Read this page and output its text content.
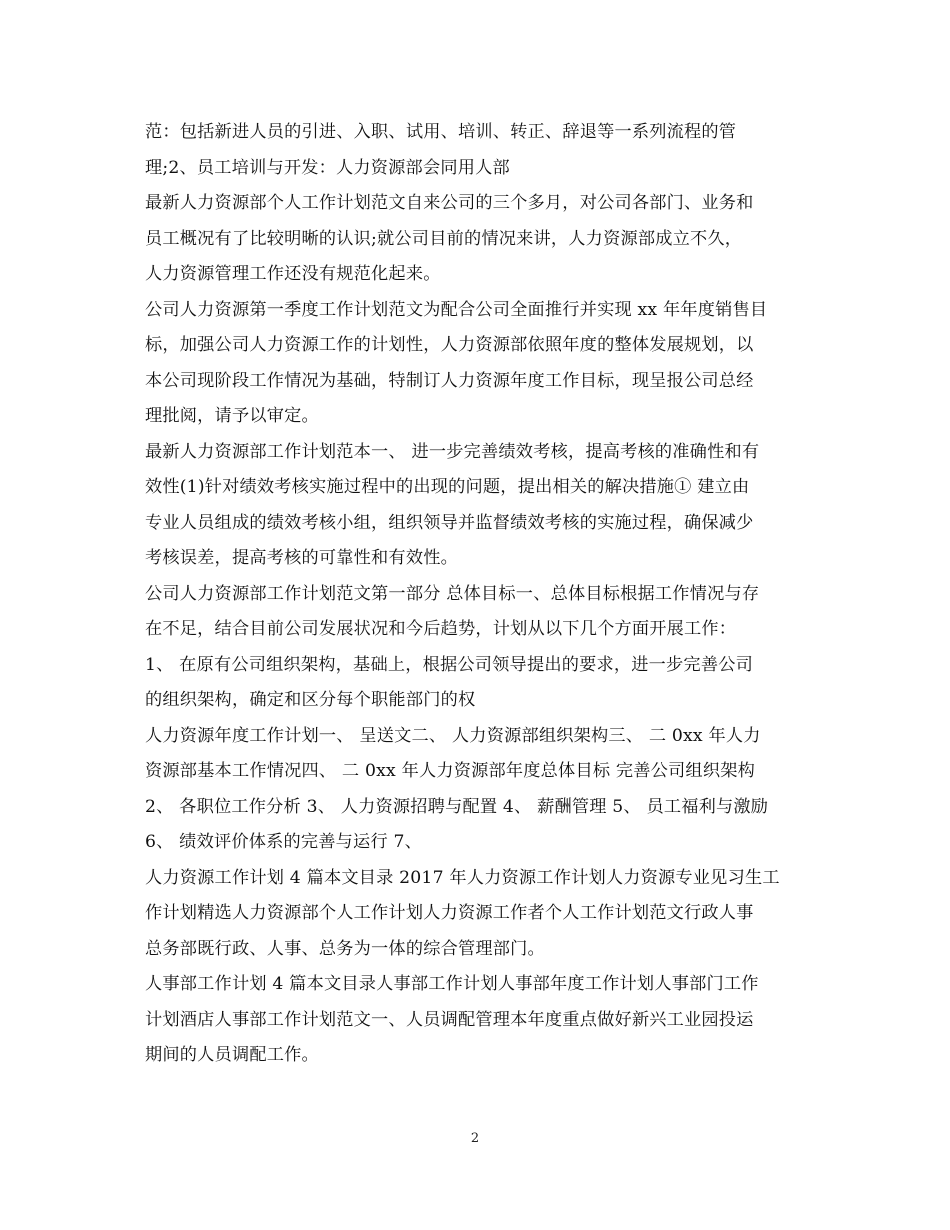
范：包括新进人员的引进、入职、试用、培训、转正、辞退等一系列流程的管
理;2、员工培训与开发：人力资源部会同用人部
最新人力资源部个人工作计划范文自来公司的三个多月，对公司各部门、业务和
员工概况有了比较明晰的认识;就公司目前的情况来讲，人力资源部成立不久，
人力资源管理工作还没有规范化起来。
公司人力资源第一季度工作计划范文为配合公司全面推行并实现 xx 年年度销售目
标，加强公司人力资源工作的计划性，人力资源部依照年度的整体发展规划，以
本公司现阶段工作情况为基础，特制订人力资源年度工作目标，现呈报公司总经
理批阅，请予以审定。
最新人力资源部工作计划范本一、 进一步完善绩效考核，提高考核的准确性和有
效性(1)针对绩效考核实施过程中的出现的问题，提出相关的解决措施① 建立由
专业人员组成的绩效考核小组，组织领导并监督绩效考核的实施过程，确保减少
考核误差，提高考核的可靠性和有效性。
公司人力资源部工作计划范文第一部分 总体目标一、总体目标根据工作情况与存
在不足，结合目前公司发展状况和今后趋势，计划从以下几个方面开展工作：
1、 在原有公司组织架构，基础上，根据公司领导提出的要求，进一步完善公司
的组织架构，确定和区分每个职能部门的权
人力资源年度工作计划一、 呈送文二、 人力资源部组织架构三、 二 0xx 年人力
资源部基本工作情况四、 二 0xx 年人力资源部年度总体目标 完善公司组织架构
2、 各职位工作分析 3、 人力资源招聘与配置 4、 薪酬管理 5、 员工福利与激励
6、 绩效评价体系的完善与运行 7、
人力资源工作计划 4 篇本文目录 2017 年人力资源工作计划人力资源专业见习生工
作计划精选人力资源部个人工作计划人力资源工作者个人工作计划范文行政人事
总务部既行政、人事、总务为一体的综合管理部门。
人事部工作计划 4 篇本文目录人事部工作计划人事部年度工作计划人事部门工作
计划酒店人事部工作计划范文一、人员调配管理本年度重点做好新兴工业园投运
期间的人员调配工作。
2
